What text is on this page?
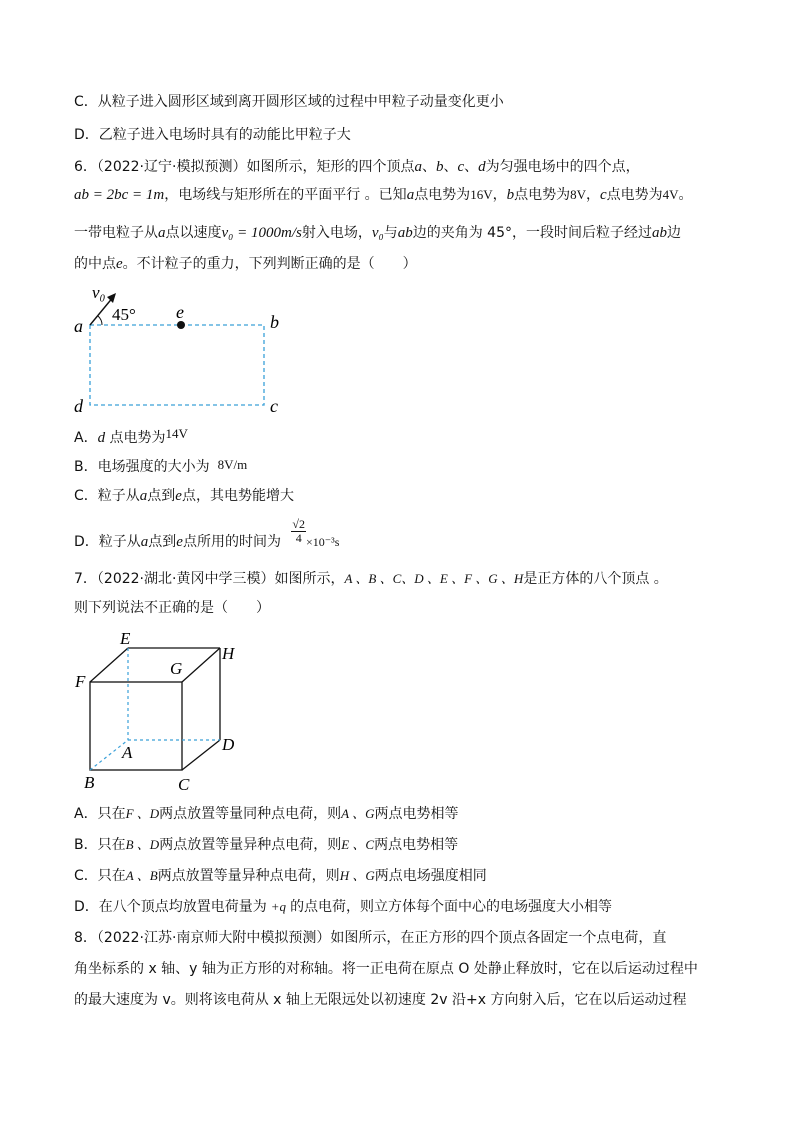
C．从粒子进入圆形区域到离开圆形区域的过程中甲粒子动量变化更小
D．乙粒子进入电场时具有的动能比甲粒子大
6．（2022·辽宁·模拟预测）如图所示，矩形的四个顶点a、b、c、d为匀强电场中的四个点，
ab = 2bc = 1m，电场线与矩形所在的平面平行 。已知a点电势为16V，b点电势为8V，c点电势为4V。
一带电粒子从a点以速度v₀ = 1000m/s射入电场，v₀与ab边的夹角为 45°，一段时间后粒子经过ab边
的中点e。不计粒子的重力，下列判断正确的是（　　）
v₀
45°
a
e	b
d	c
A．d 点电势为14V
B．电场强度的大小为 8V/m
C．粒子从a点到e点，其电势能增大
D．粒子从a点到e点所用的时间为 $\frac{√2}{4} \times 10^{-3}s$
7．（2022·湖北·黄冈中学三模）如图所示，A 、B 、C、D 、E 、F 、G 、H是正方体的八个顶点 。
则下列说法不正确的是（　　）
E
H
F
G
A	D
B	C
A．只在F 、D两点放置等量同种点电荷，则A 、G两点电势相等
B．只在B 、D两点放置等量异种点电荷，则E 、C两点电势相等
C．只在A 、B两点放置等量异种点电荷，则H 、G两点电场强度相同
D．在八个顶点均放置电荷量为 +q 的点电荷，则立方体每个面中心的电场强度大小相等
8．（2022·江苏·南京师大附中模拟预测）如图所示，在正方形的四个顶点各固定一个点电荷，直
角坐标系的 x 轴、y 轴为正方形的对称轴。将一正电荷在原点 O 处静止释放时，它在以后运动过程中
的最大速度为 v。则将该电荷从 x 轴上无限远处以初速度 2v 沿+x 方向射入后，它在以后运动过程
